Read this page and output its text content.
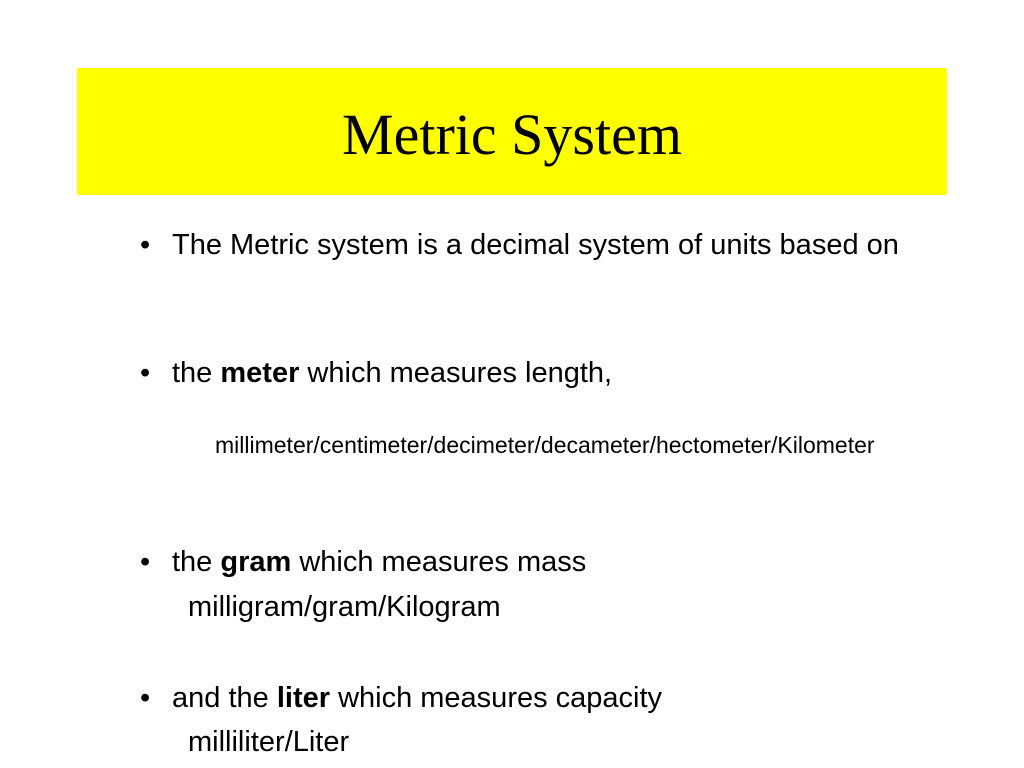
Metric System
• The Metric system is a decimal system of units based on
• the meter which measures length,
millimeter/centimeter/decimeter/decameter/hectometer/Kilometer
• the gram which measures mass
milligram/gram/Kilogram
• and the liter which measures capacity
milliliter/Liter
